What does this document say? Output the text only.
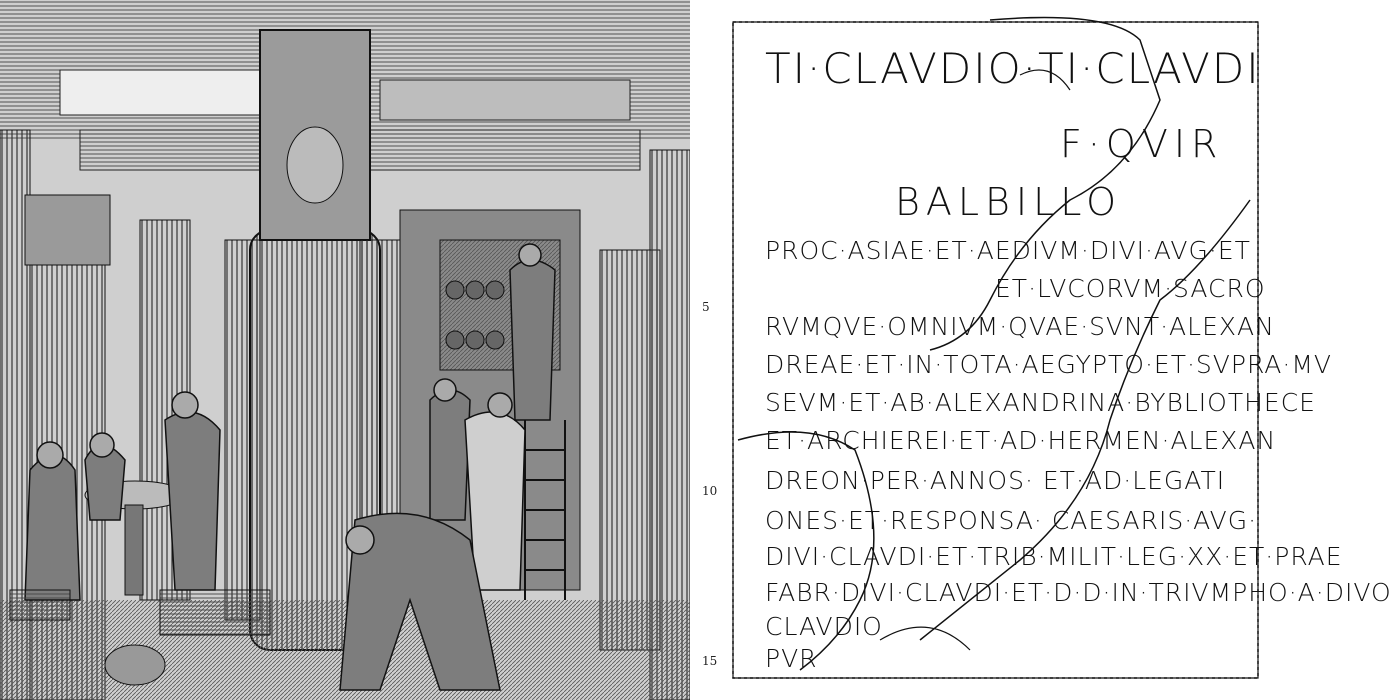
TI·CLAVDIO·TI·CLAVDI
F·QVIR
BALBILLO
PROC·ASIAE·ET·AEDIVM·DIVI·AVG·ET
ET·LVCORVM·SACRO
RVMQVE·OMNIVM·QVAE·SVNT·ALEXAN
DREAE·ET·IN·TOTA·AEGYPTO·ET·SVPRA·MV
SEVM·ET·AB·ALEXANDRINA·BYBLIOTHECE
ET·ARCHIEREI·ET·AD·HERMEN·ALEXAN
DREON·PER·ANNOS· ET·AD·LEGATI
ONES·ET·RESPONSA· CAESARIS·AVG·
DIVI·CLAVDI·ET·TRIB·MILIT·LEG·XX·ET·PRAE
FABR·DIVI·CLAVDI·ET·D·D·IN·TRIVMPHO·A·DIVO
CLAVDIO
PVR
5
10
15
